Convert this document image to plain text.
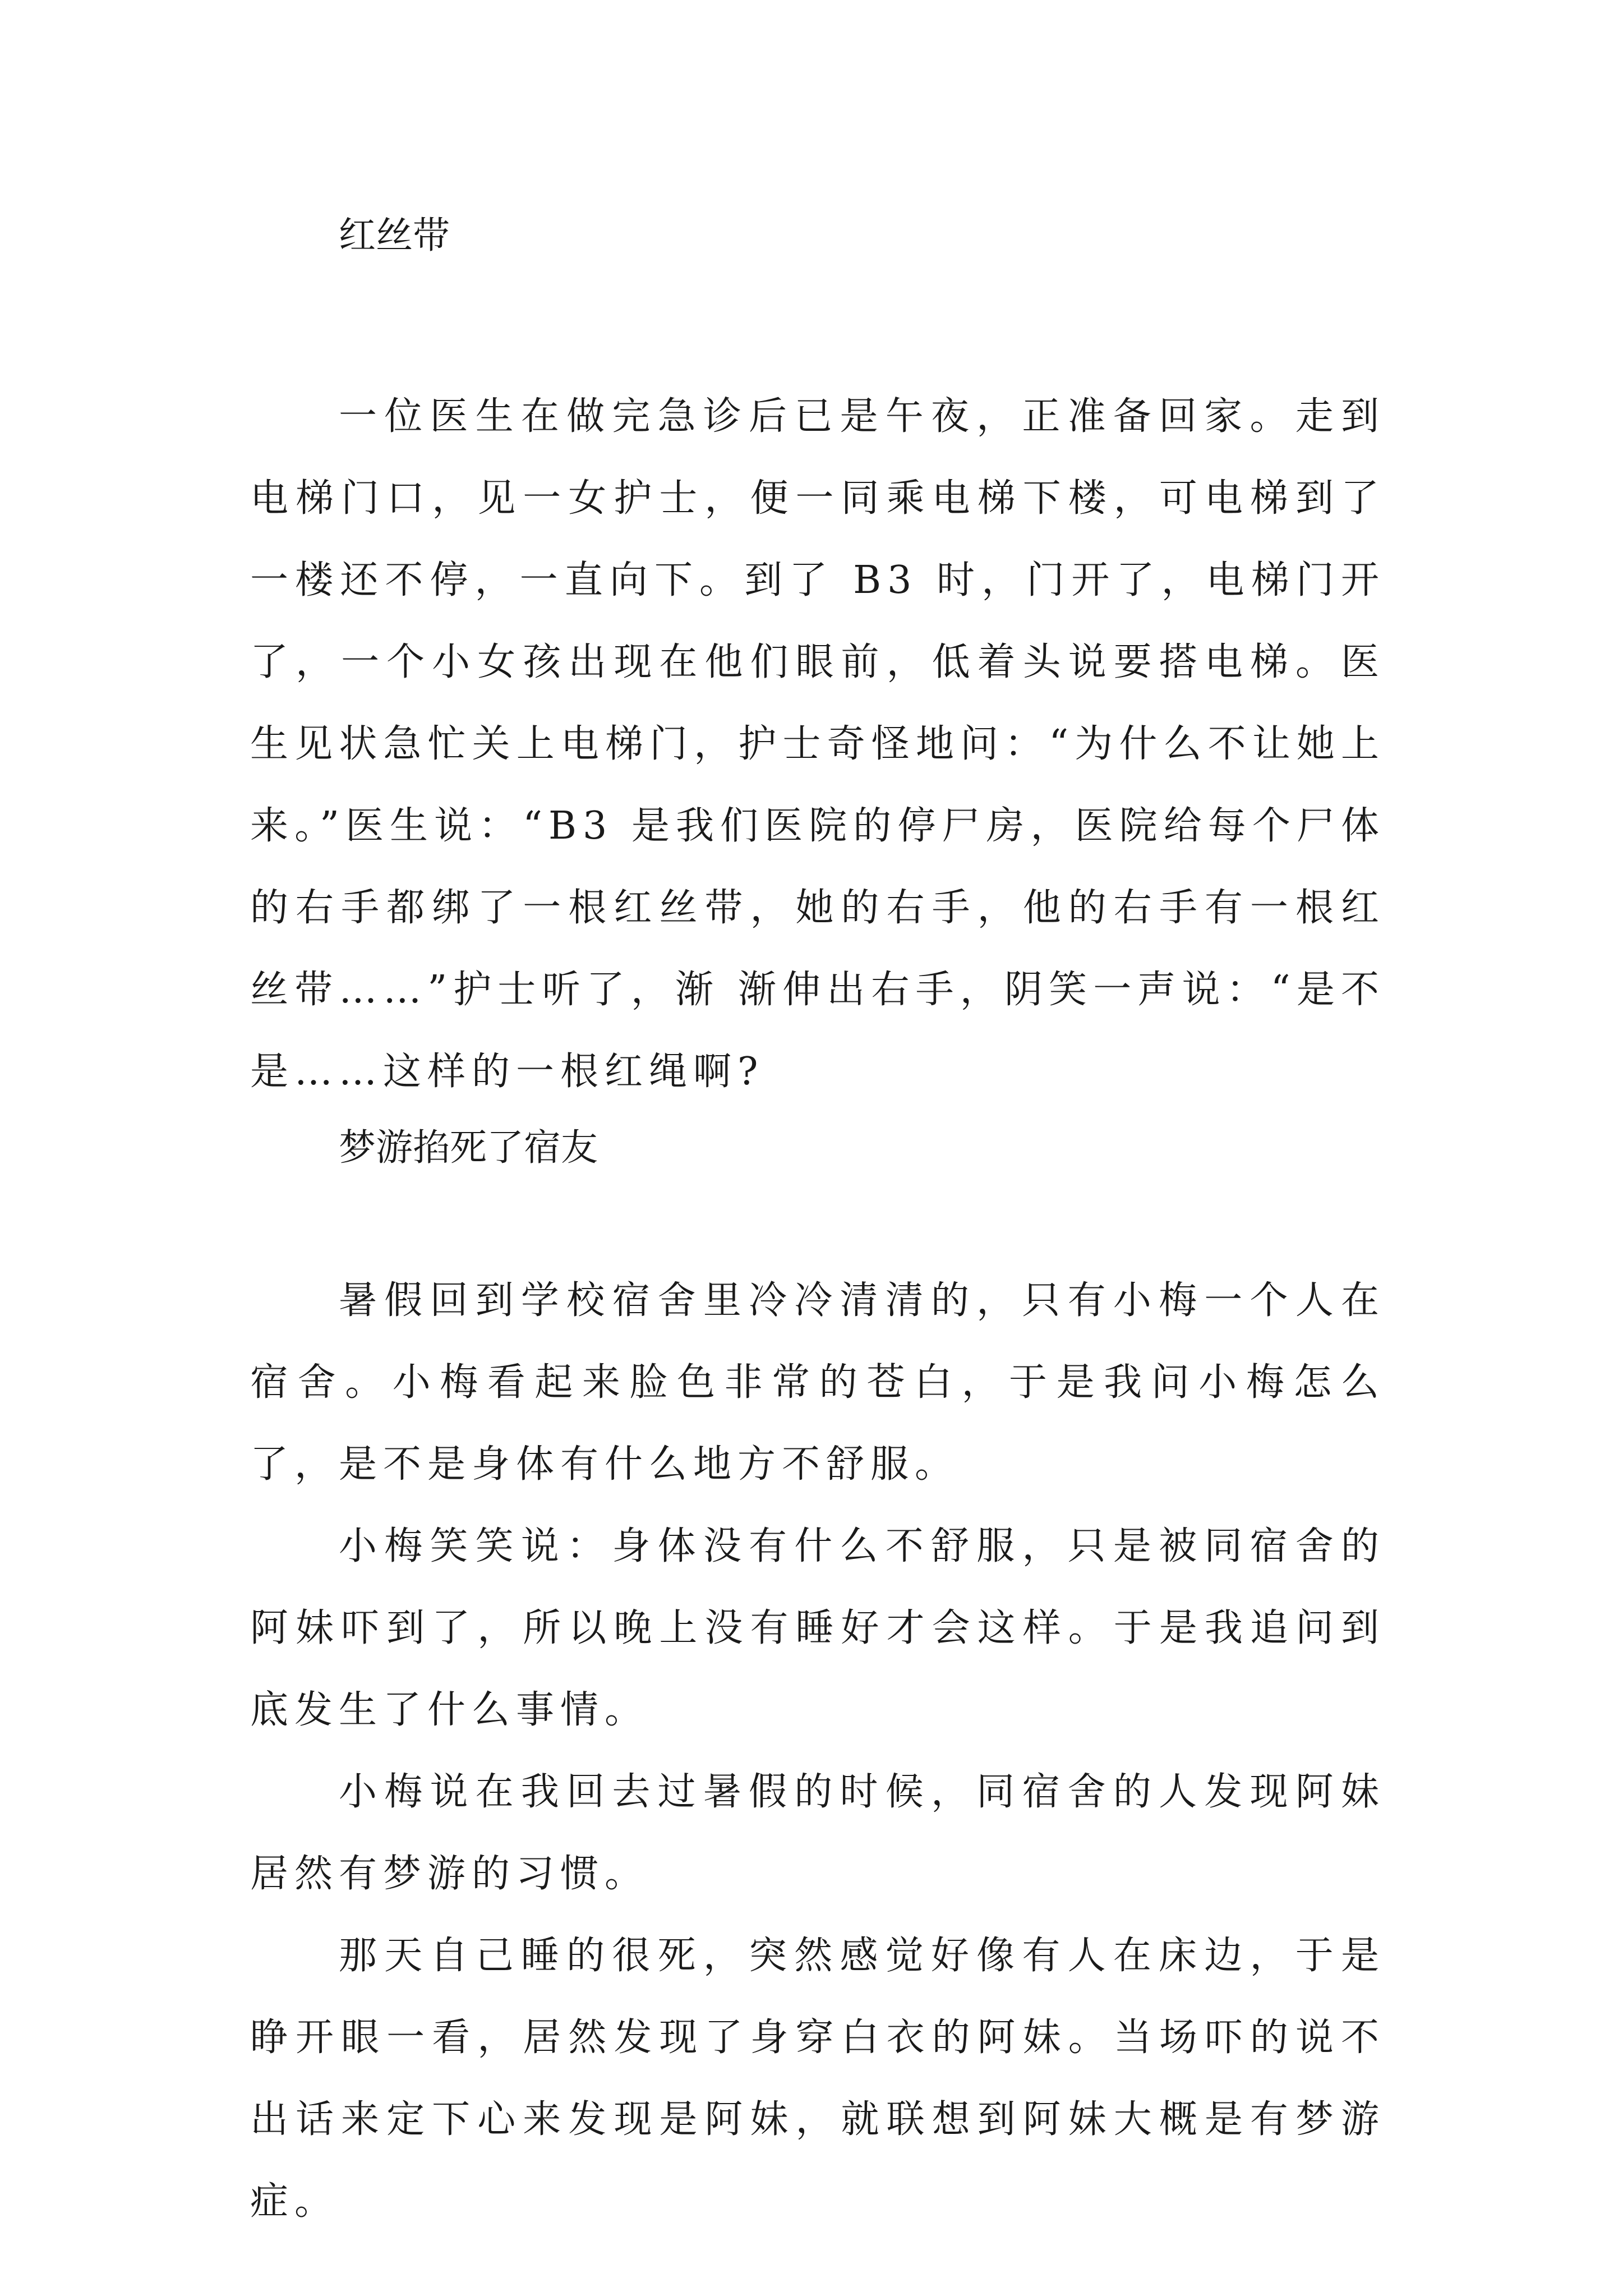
红丝带

一位医生在做完急诊后已是午夜，正准备回家。走到电梯门口，见一女护士，便一同乘电梯下楼，可电梯到了一楼还不停，一直向下。到了 B3 时，门开了，电梯门开了，一个小女孩出现在他们眼前，低着头说要搭电梯。医生见状急忙关上电梯门，护士奇怪地问：“为什么不让她上来。”医生说：“B3 是我们医院的停尸房，医院给每个尸体的右手都绑了一根红丝带，她的右手，他的右手有一根红丝带……”护士听了，渐 渐伸出右手，阴笑一声说：“是不是……这样的一根红绳啊?

梦游掐死了宿友

暑假回到学校宿舍里冷冷清清的，只有小梅一个人在宿舍。小梅看起来脸色非常的苍白，于是我问小梅怎么了，是不是身体有什么地方不舒服。

小梅笑笑说：身体没有什么不舒服，只是被同宿舍的阿妹吓到了，所以晚上没有睡好才会这样。于是我追问到底发生了什么事情。

小梅说在我回去过暑假的时候，同宿舍的人发现阿妹居然有梦游的习惯。

那天自己睡的很死，突然感觉好像有人在床边，于是睁开眼一看，居然发现了身穿白衣的阿妹。当场吓的说不出话来定下心来发现是阿妹，就联想到阿妹大概是有梦游症。
